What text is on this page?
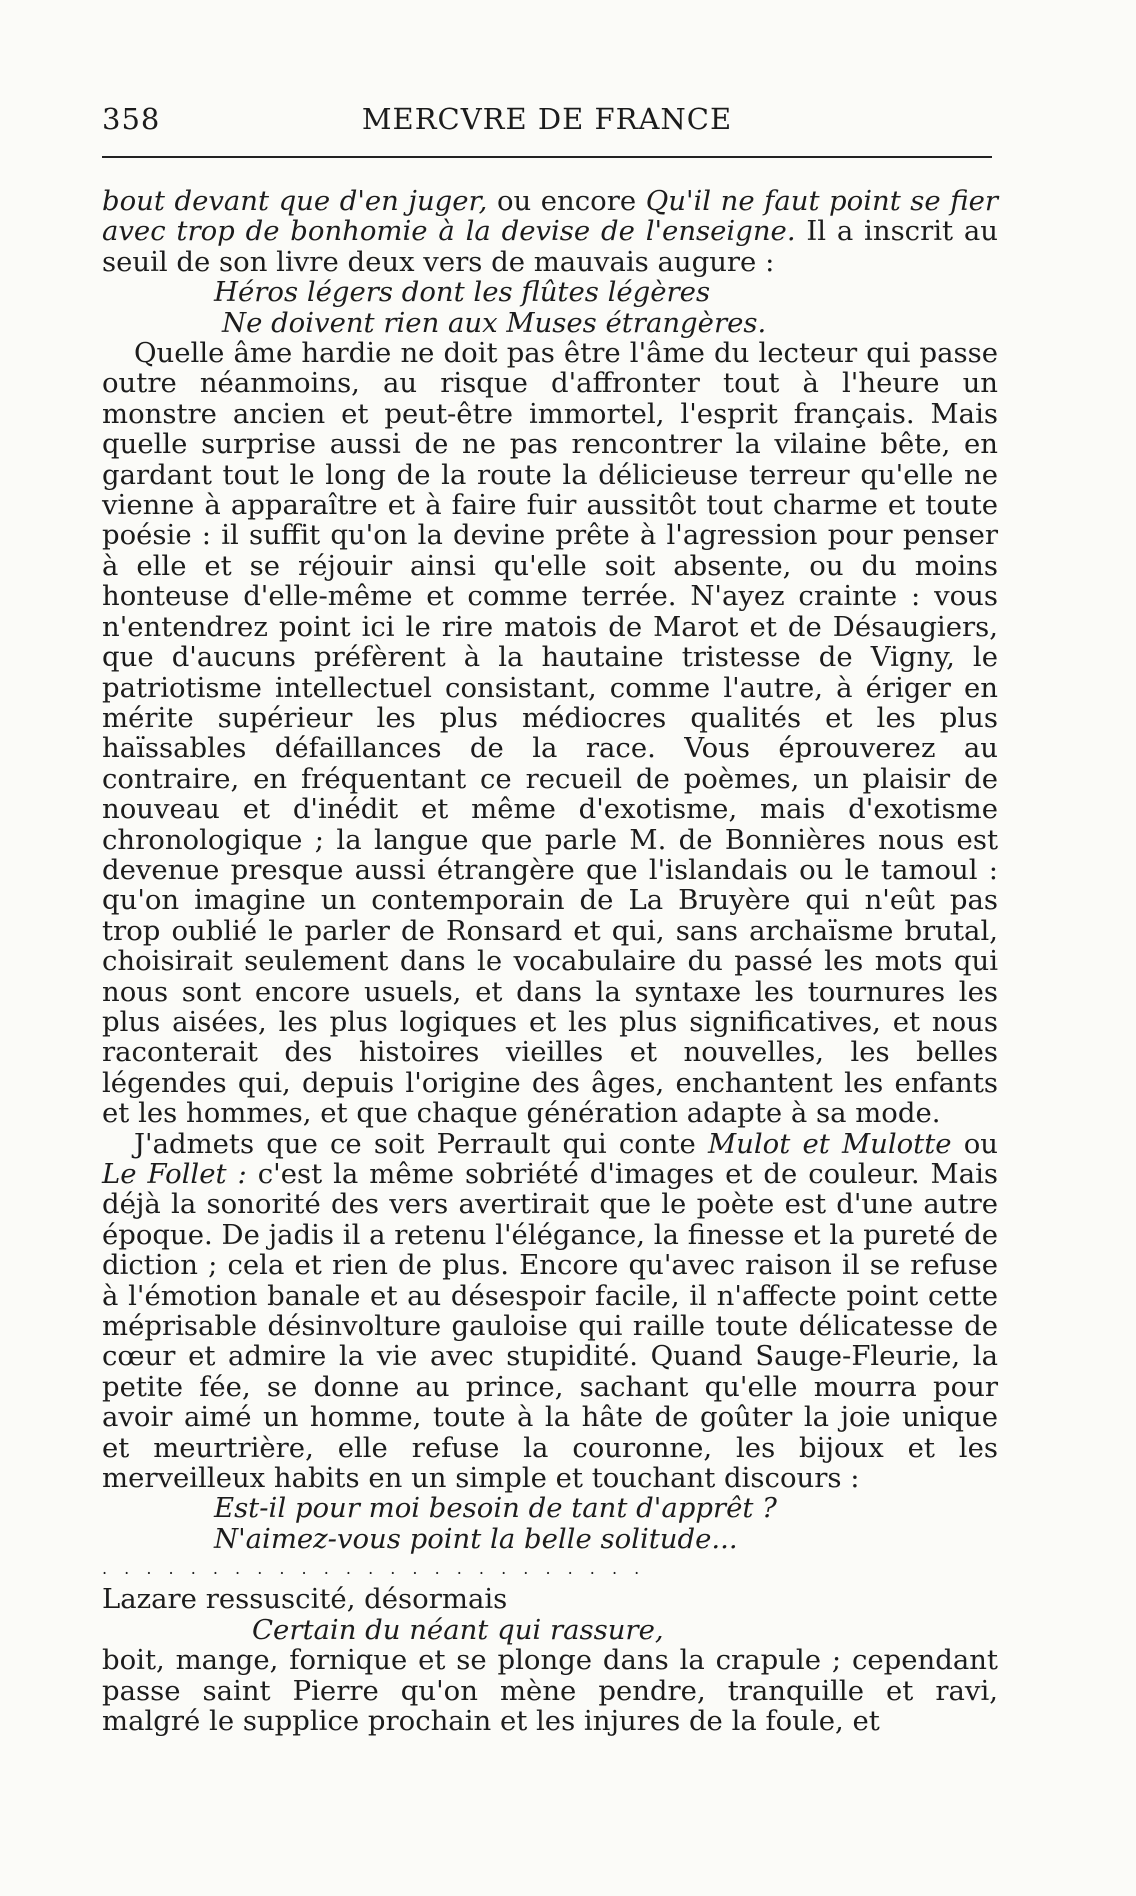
358	MERCVRE DE FRANCE

bout devant que d'en juger, ou encore Qu'il ne faut point se fier avec trop de bonhomie à la devise de l'enseigne. Il a inscrit au seuil de son livre deux vers de mauvais augure :

Héros légers dont les flûtes légères

Ne doivent rien aux Muses étrangères.

Quelle âme hardie ne doit pas être l'âme du lecteur qui passe outre néanmoins, au risque d'affronter tout à l'heure un monstre ancien et peut-être immortel, l'esprit français. Mais quelle surprise aussi de ne pas rencontrer la vilaine bête, en gardant tout le long de la route la délicieuse terreur qu'elle ne vienne à apparaître et à faire fuir aussitôt tout charme et toute poésie : il suffit qu'on la devine prête à l'agression pour penser à elle et se réjouir ainsi qu'elle soit absente, ou du moins honteuse d'elle-même et comme terrée. N'ayez crainte : vous n'entendrez point ici le rire matois de Marot et de Désaugiers, que d'aucuns préfèrent à la hautaine tristesse de Vigny, le patriotisme intellectuel consistant, comme l'autre, à ériger en mérite supérieur les plus médiocres qualités et les plus haïssables défaillances de la race. Vous éprouverez au contraire, en fréquentant ce recueil de poèmes, un plaisir de nouveau et d'inédit et même d'exotisme, mais d'exotisme chronologique ; la langue que parle M. de Bonnières nous est devenue presque aussi étrangère que l'islandais ou le tamoul : qu'on imagine un contemporain de La Bruyère qui n'eût pas trop oublié le parler de Ronsard et qui, sans archaïsme brutal, choisirait seulement dans le vocabulaire du passé les mots qui nous sont encore usuels, et dans la syntaxe les tournures les plus aisées, les plus logiques et les plus significatives, et nous raconterait des histoires vieilles et nouvelles, les belles légendes qui, depuis l'origine des âges, enchantent les enfants et les hommes, et que chaque génération adapte à sa mode.

J'admets que ce soit Perrault qui conte Mulot et Mulotte ou Le Follet : c'est la même sobriété d'images et de couleur. Mais déjà la sonorité des vers avertirait que le poète est d'une autre époque. De jadis il a retenu l'élégance, la finesse et la pureté de diction ; cela et rien de plus. Encore qu'avec raison il se refuse à l'émotion banale et au désespoir facile, il n'affecte point cette méprisable désinvolture gauloise qui raille toute délicatesse de cœur et admire la vie avec stupidité. Quand Sauge-Fleurie, la petite fée, se donne au prince, sachant qu'elle mourra pour avoir aimé un homme, toute à la hâte de goûter la joie unique et meurtrière, elle refuse la couronne, les bijoux et les merveilleux habits en un simple et touchant discours :

Est-il pour moi besoin de tant d'apprêt ?

N'aimez-vous point la belle solitude...

. . . . . . . . . . . . . . . . . . . . . . . . .

Lazare ressuscité, désormais

Certain du néant qui rassure,

boit, mange, fornique et se plonge dans la crapule ; cependant passe saint Pierre qu'on mène pendre, tranquille et ravi, malgré le supplice prochain et les injures de la foule, et
